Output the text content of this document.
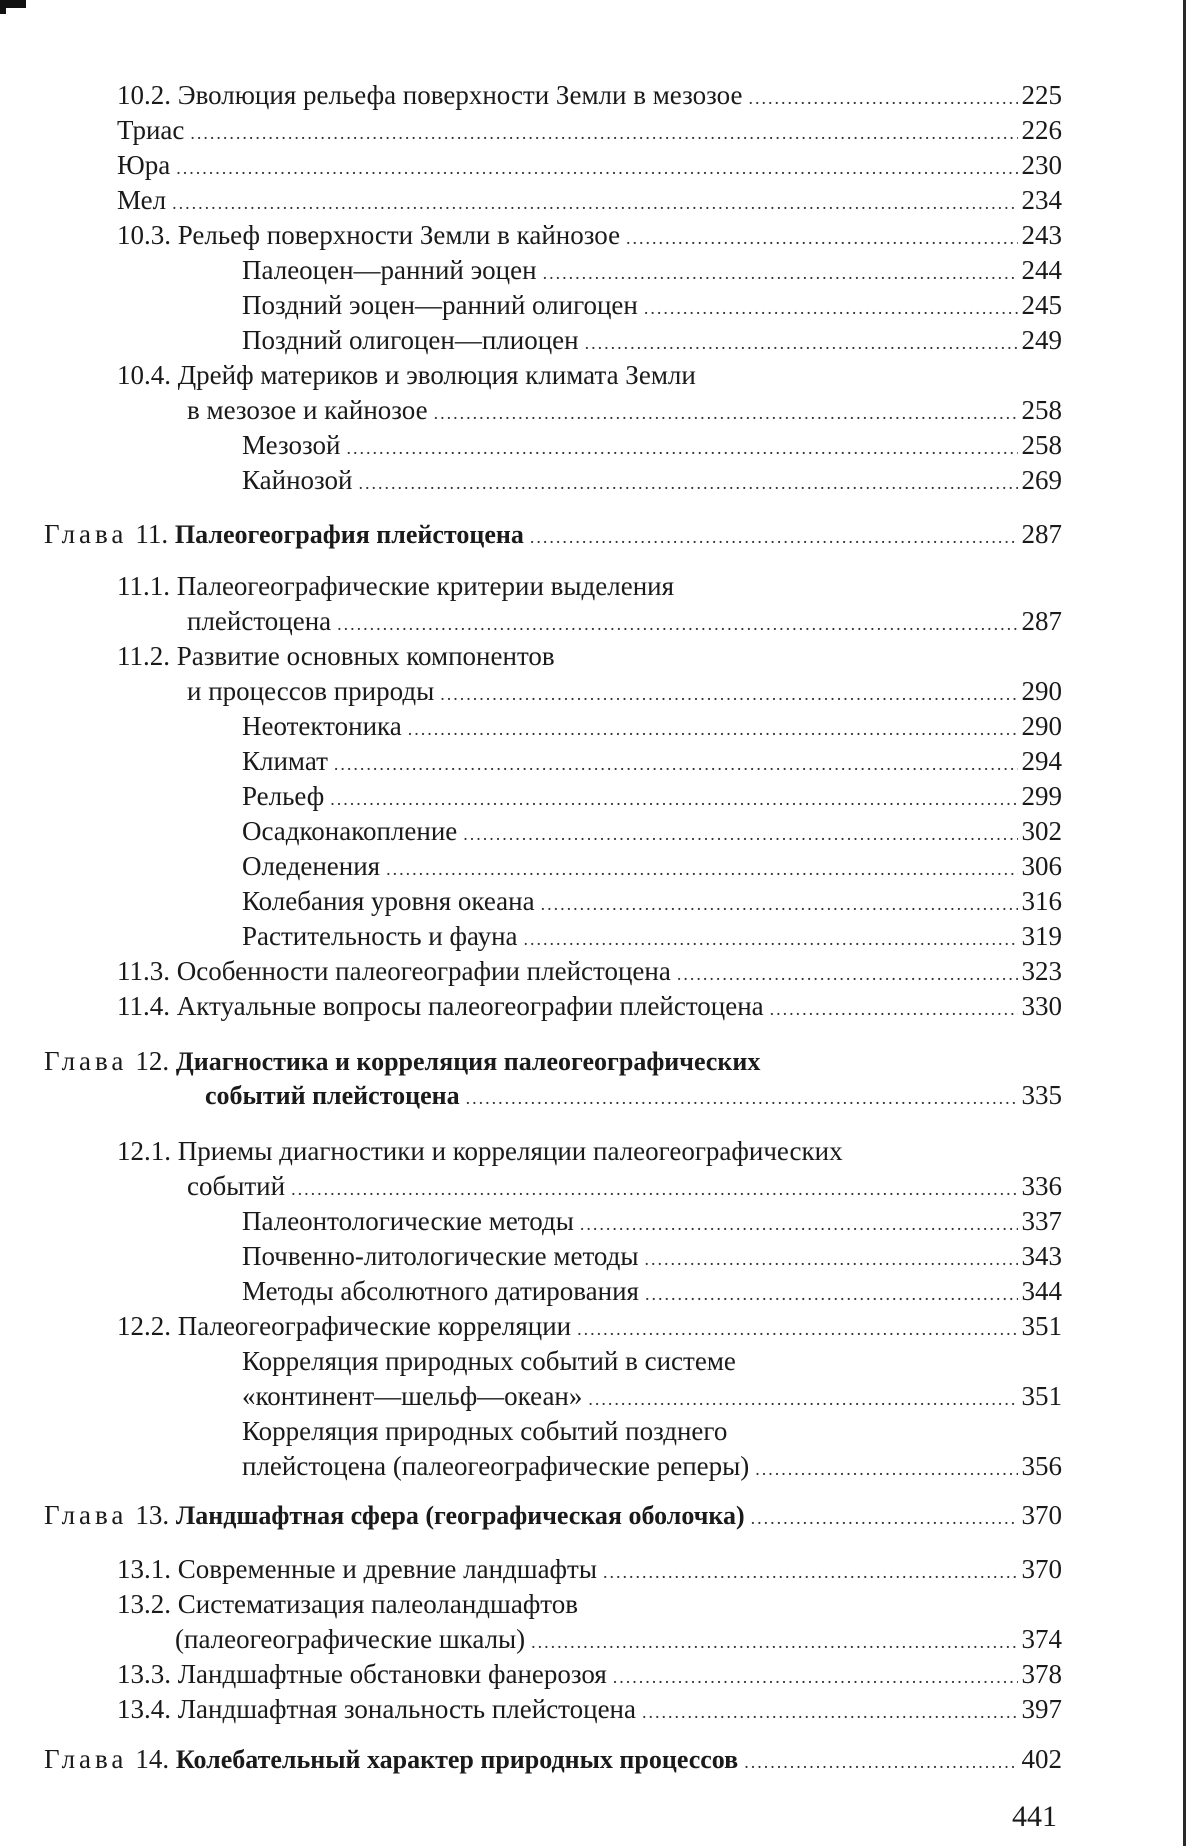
10.2. Эволюция рельефа поверхности Земли в мезозое .....	225
Триас .....	226
Юра .....	230
Мел .....	234
10.3. Рельеф поверхности Земли в кайнозое .....	243
Палеоцен—ранний эоцен .....	244
Поздний эоцен—ранний олигоцен .....	245
Поздний олигоцен—плиоцен .....	249
10.4. Дрейф материков и эволюция климата Земли
в мезозое и кайнозое .....	258
Мезозой .....	258
Кайнозой .....	269
Глава 11. Палеогеография плейстоцена .....	287
11.1. Палеогеографические критерии выделения
плейстоцена .....	287
11.2. Развитие основных компонентов
и процессов природы .....	290
Неотектоника .....	290
Климат .....	294
Рельеф .....	299
Осадконакопление .....	302
Оледенения .....	306
Колебания уровня океана .....	316
Растительность и фауна .....	319
11.3. Особенности палеогеографии плейстоцена .....	323
11.4. Актуальные вопросы палеогеографии плейстоцена .....	330
Глава 12. Диагностика и корреляция палеогеографических
событий плейстоцена .....	335
12.1. Приемы диагностики и корреляции палеогеографических
событий .....	336
Палеонтологические методы .....	337
Почвенно-литологические методы .....	343
Методы абсолютного датирования .....	344
12.2. Палеогеографические корреляции .....	351
Корреляция природных событий в системе
«континент—шельф—океан» .....	351
Корреляция природных событий позднего
плейстоцена (палеогеографические реперы) .....	356
Глава 13. Ландшафтная сфера (географическая оболочка) .....	370
13.1. Современные и древние ландшафты .....	370
13.2. Систематизация палеоландшафтов
(палеогеографические шкалы) .....	374
13.3. Ландшафтные обстановки фанерозоя .....	378
13.4. Ландшафтная зональность плейстоцена .....	397
Глава 14. Колебательный характер природных процессов .....	402
441
